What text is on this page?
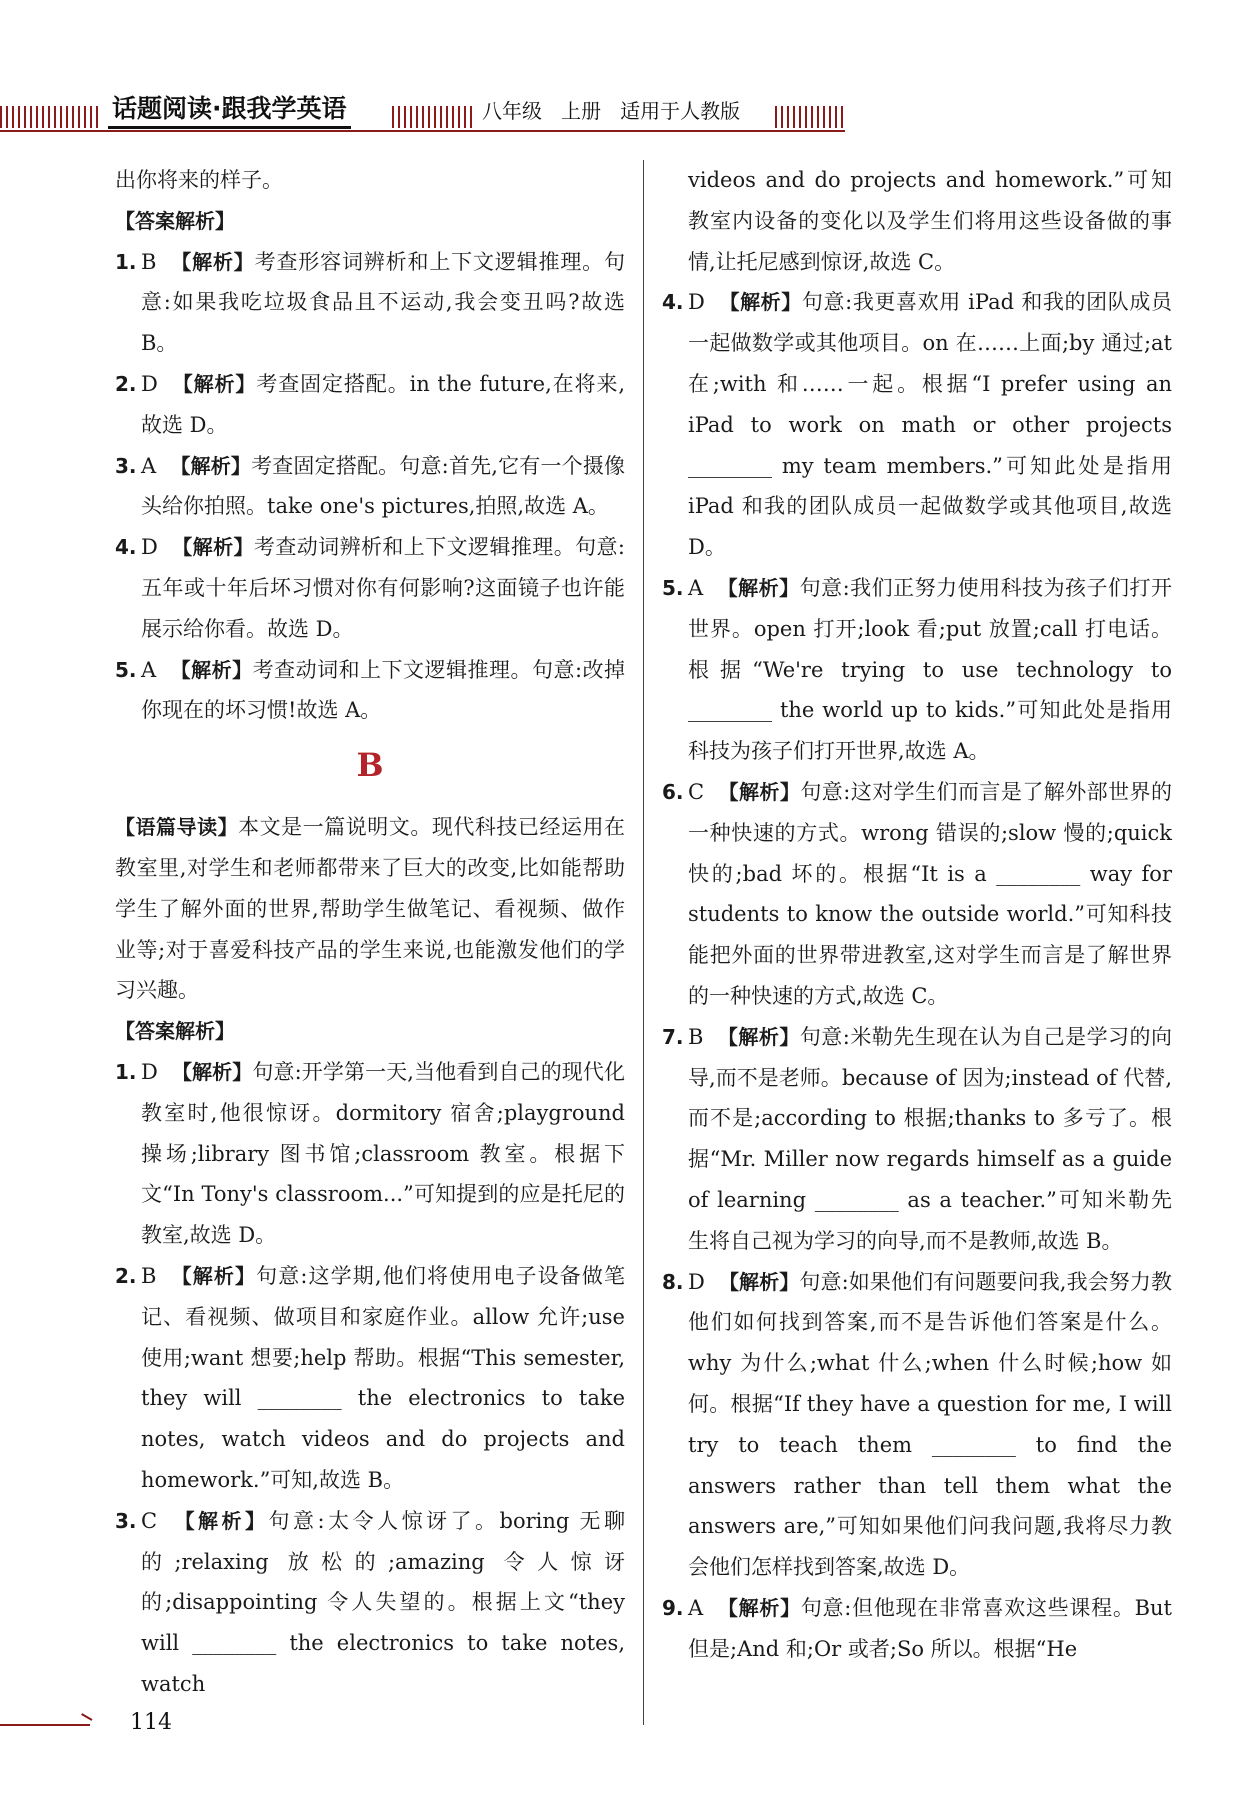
话题阅读·跟我学英语	八年级 上册 适用于人教版

出你将来的样子。

【答案解析】

1. B 【解析】考查形容词辨析和上下文逻辑推理。句意:如果我吃垃圾食品且不运动,我会变丑吗?故选 B。

2. D 【解析】考查固定搭配。in the future,在将来,故选 D。

3. A 【解析】考查固定搭配。句意:首先,它有一个摄像头给你拍照。take one's pictures,拍照,故选 A。

4. D 【解析】考查动词辨析和上下文逻辑推理。句意:五年或十年后坏习惯对你有何影响?这面镜子也许能展示给你看。故选 D。

5. A 【解析】考查动词和上下文逻辑推理。句意:改掉你现在的坏习惯!故选 A。

B

【语篇导读】本文是一篇说明文。现代科技已经运用在教室里,对学生和老师都带来了巨大的改变,比如能帮助学生了解外面的世界,帮助学生做笔记、看视频、做作业等;对于喜爱科技产品的学生来说,也能激发他们的学习兴趣。

【答案解析】

1. D 【解析】句意:开学第一天,当他看到自己的现代化教室时,他很惊讶。dormitory 宿舍;playground 操场;library 图书馆;classroom 教室。根据下文“In Tony's classroom...”可知提到的应是托尼的教室,故选 D。

2. B 【解析】句意:这学期,他们将使用电子设备做笔记、看视频、做项目和家庭作业。allow 允许;use 使用;want 想要;help 帮助。根据“This semester, they will ________ the electronics to take notes, watch videos and do projects and homework.”可知,故选 B。

3. C 【解析】句意:太令人惊讶了。boring 无聊的;relaxing 放松的;amazing 令人惊讶的;disappointing 令人失望的。根据上文“they will ________ the electronics to take notes, watch

videos and do projects and homework.”可知教室内设备的变化以及学生们将用这些设备做的事情,让托尼感到惊讶,故选 C。

4. D 【解析】句意:我更喜欢用 iPad 和我的团队成员一起做数学或其他项目。on 在……上面;by 通过;at 在;with 和……一起。根据“I prefer using an iPad to work on math or other projects ________ my team members.”可知此处是指用 iPad 和我的团队成员一起做数学或其他项目,故选 D。

5. A 【解析】句意:我们正努力使用科技为孩子们打开世界。open 打开;look 看;put 放置;call 打电话。根据“We're trying to use technology to ________ the world up to kids.”可知此处是指用科技为孩子们打开世界,故选 A。

6. C 【解析】句意:这对学生们而言是了解外部世界的一种快速的方式。wrong 错误的;slow 慢的;quick 快的;bad 坏的。根据“It is a ________ way for students to know the outside world.”可知科技能把外面的世界带进教室,这对学生而言是了解世界的一种快速的方式,故选 C。

7. B 【解析】句意:米勒先生现在认为自己是学习的向导,而不是老师。because of 因为;instead of 代替,而不是;according to 根据;thanks to 多亏了。根据“Mr. Miller now regards himself as a guide of learning ________ as a teacher.”可知米勒先生将自己视为学习的向导,而不是教师,故选 B。

8. D 【解析】句意:如果他们有问题要问我,我会努力教他们如何找到答案,而不是告诉他们答案是什么。why 为什么;what 什么;when 什么时候;how 如何。根据“If they have a question for me, I will try to teach them ________ to find the answers rather than tell them what the answers are,”可知如果他们问我问题,我将尽力教会他们怎样找到答案,故选 D。

9. A 【解析】句意:但他现在非常喜欢这些课程。But 但是;And 和;Or 或者;So 所以。根据“He

114
